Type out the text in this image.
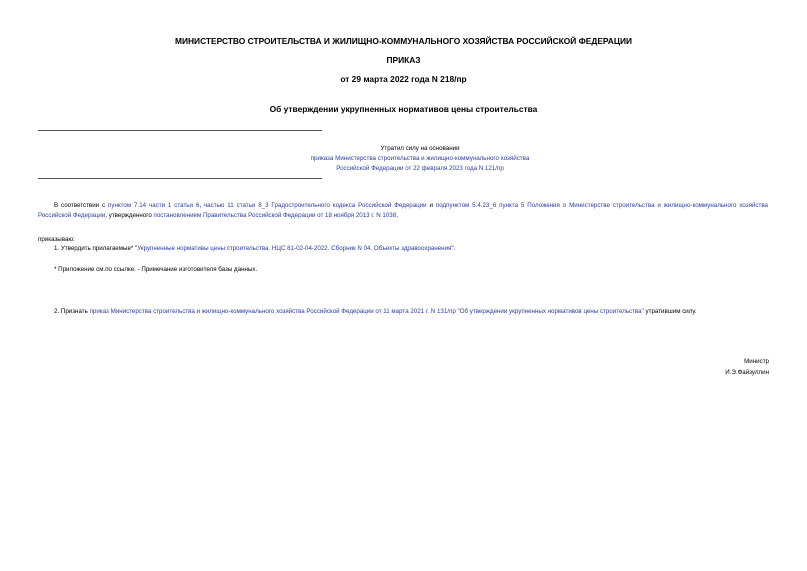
МИНИСТЕРСТВО СТРОИТЕЛЬСТВА И ЖИЛИЩНО-КОММУНАЛЬНОГО ХОЗЯЙСТВА РОССИЙСКОЙ ФЕДЕРАЦИИ
ПРИКАЗ
от 29 марта 2022 года N 218/пр
Об утверждении укрупненных нормативов цены строительства
Утратил силу на основании
приказа Министерства строительства и жилищно-коммунального хозяйства
Российской Федерации от 22 февраля 2023 года N 121/пр
В соответствии с пунктом 7.14 части 1 статьи 6, частью 11 статьи 8_3 Градостроительного кодекса Российской Федерации и подпунктом 5.4.23_6 пункта 5 Положения о Министерстве строительства и жилищно-коммунального хозяйства Российской Федерации, утвержденного постановлением Правительства Российской Федерации от 18 ноября 2013 г. N 1038,
приказываю:
1. Утвердить прилагаемые* "Укрупненные нормативы цены строительства. НЦС 81-02-04-2022. Сборник N 04. Объекты здравоохранения".
* Приложение см.по ссылке. - Примечание изготовителя базы данных.
2. Признать приказ Министерства строительства и жилищно-коммунального хозяйства Российской Федерации от 11 марта 2021 г. N 131/пр "Об утверждении укрупненных нормативов цены строительства" утратившим силу.
Министр
И.Э.Файзуллин
